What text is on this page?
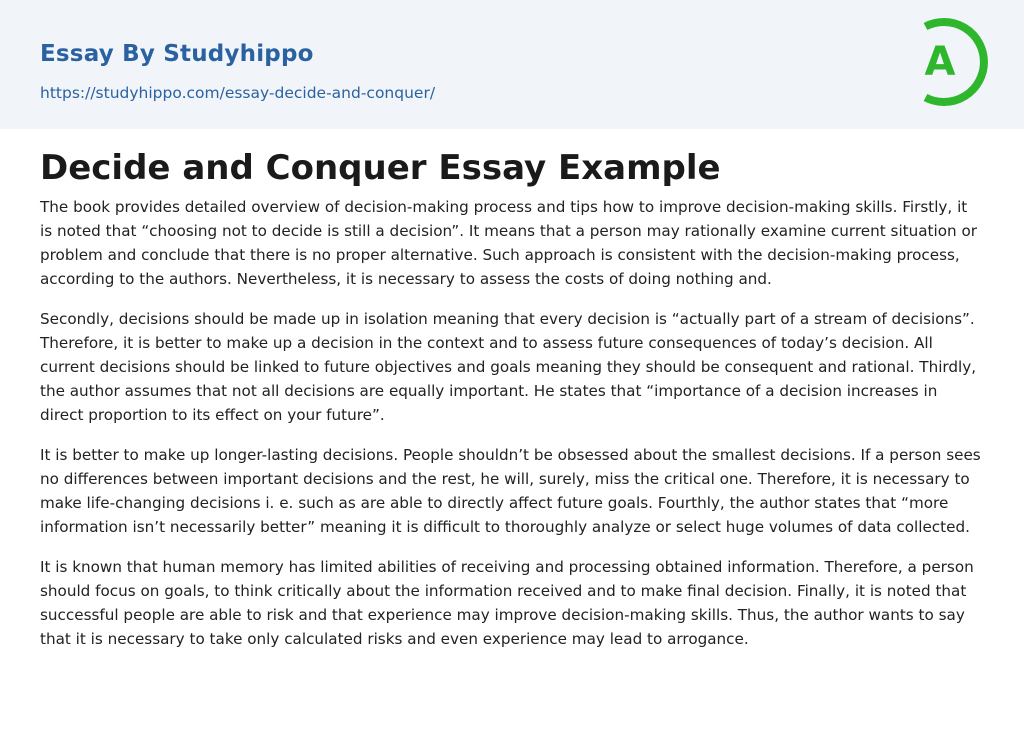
Essay By Studyhippo
https://studyhippo.com/essay-decide-and-conquer/
A
Decide and Conquer Essay Example

The book provides detailed overview of decision-making process and tips how to improve decision-making skills. Firstly, it is noted that “choosing not to decide is still a decision”. It means that a person may rationally examine current situation or problem and conclude that there is no proper alternative. Such approach is consistent with the decision-making process, according to the authors. Nevertheless, it is necessary to assess the costs of doing nothing and.

Secondly, decisions should be made up in isolation meaning that every decision is “actually part of a stream of decisions”. Therefore, it is better to make up a decision in the context and to assess future consequences of today’s decision. All current decisions should be linked to future objectives and goals meaning they should be consequent and rational. Thirdly, the author assumes that not all decisions are equally important. He states that “importance of a decision increases in direct proportion to its effect on your future”.

It is better to make up longer-lasting decisions. People shouldn’t be obsessed about the smallest decisions. If a person sees no differences between important decisions and the rest, he will, surely, miss the critical one. Therefore, it is necessary to make life-changing decisions i. e. such as are able to directly affect future goals. Fourthly, the author states that “more information isn’t necessarily better” meaning it is difficult to thoroughly analyze or select huge volumes of data collected.

It is known that human memory has limited abilities of receiving and processing obtained information. Therefore, a person should focus on goals, to think critically about the information received and to make final decision. Finally, it is noted that successful people are able to risk and that experience may improve decision-making skills. Thus, the author wants to say that it is necessary to take only calculated risks and even experience may lead to arrogance.
